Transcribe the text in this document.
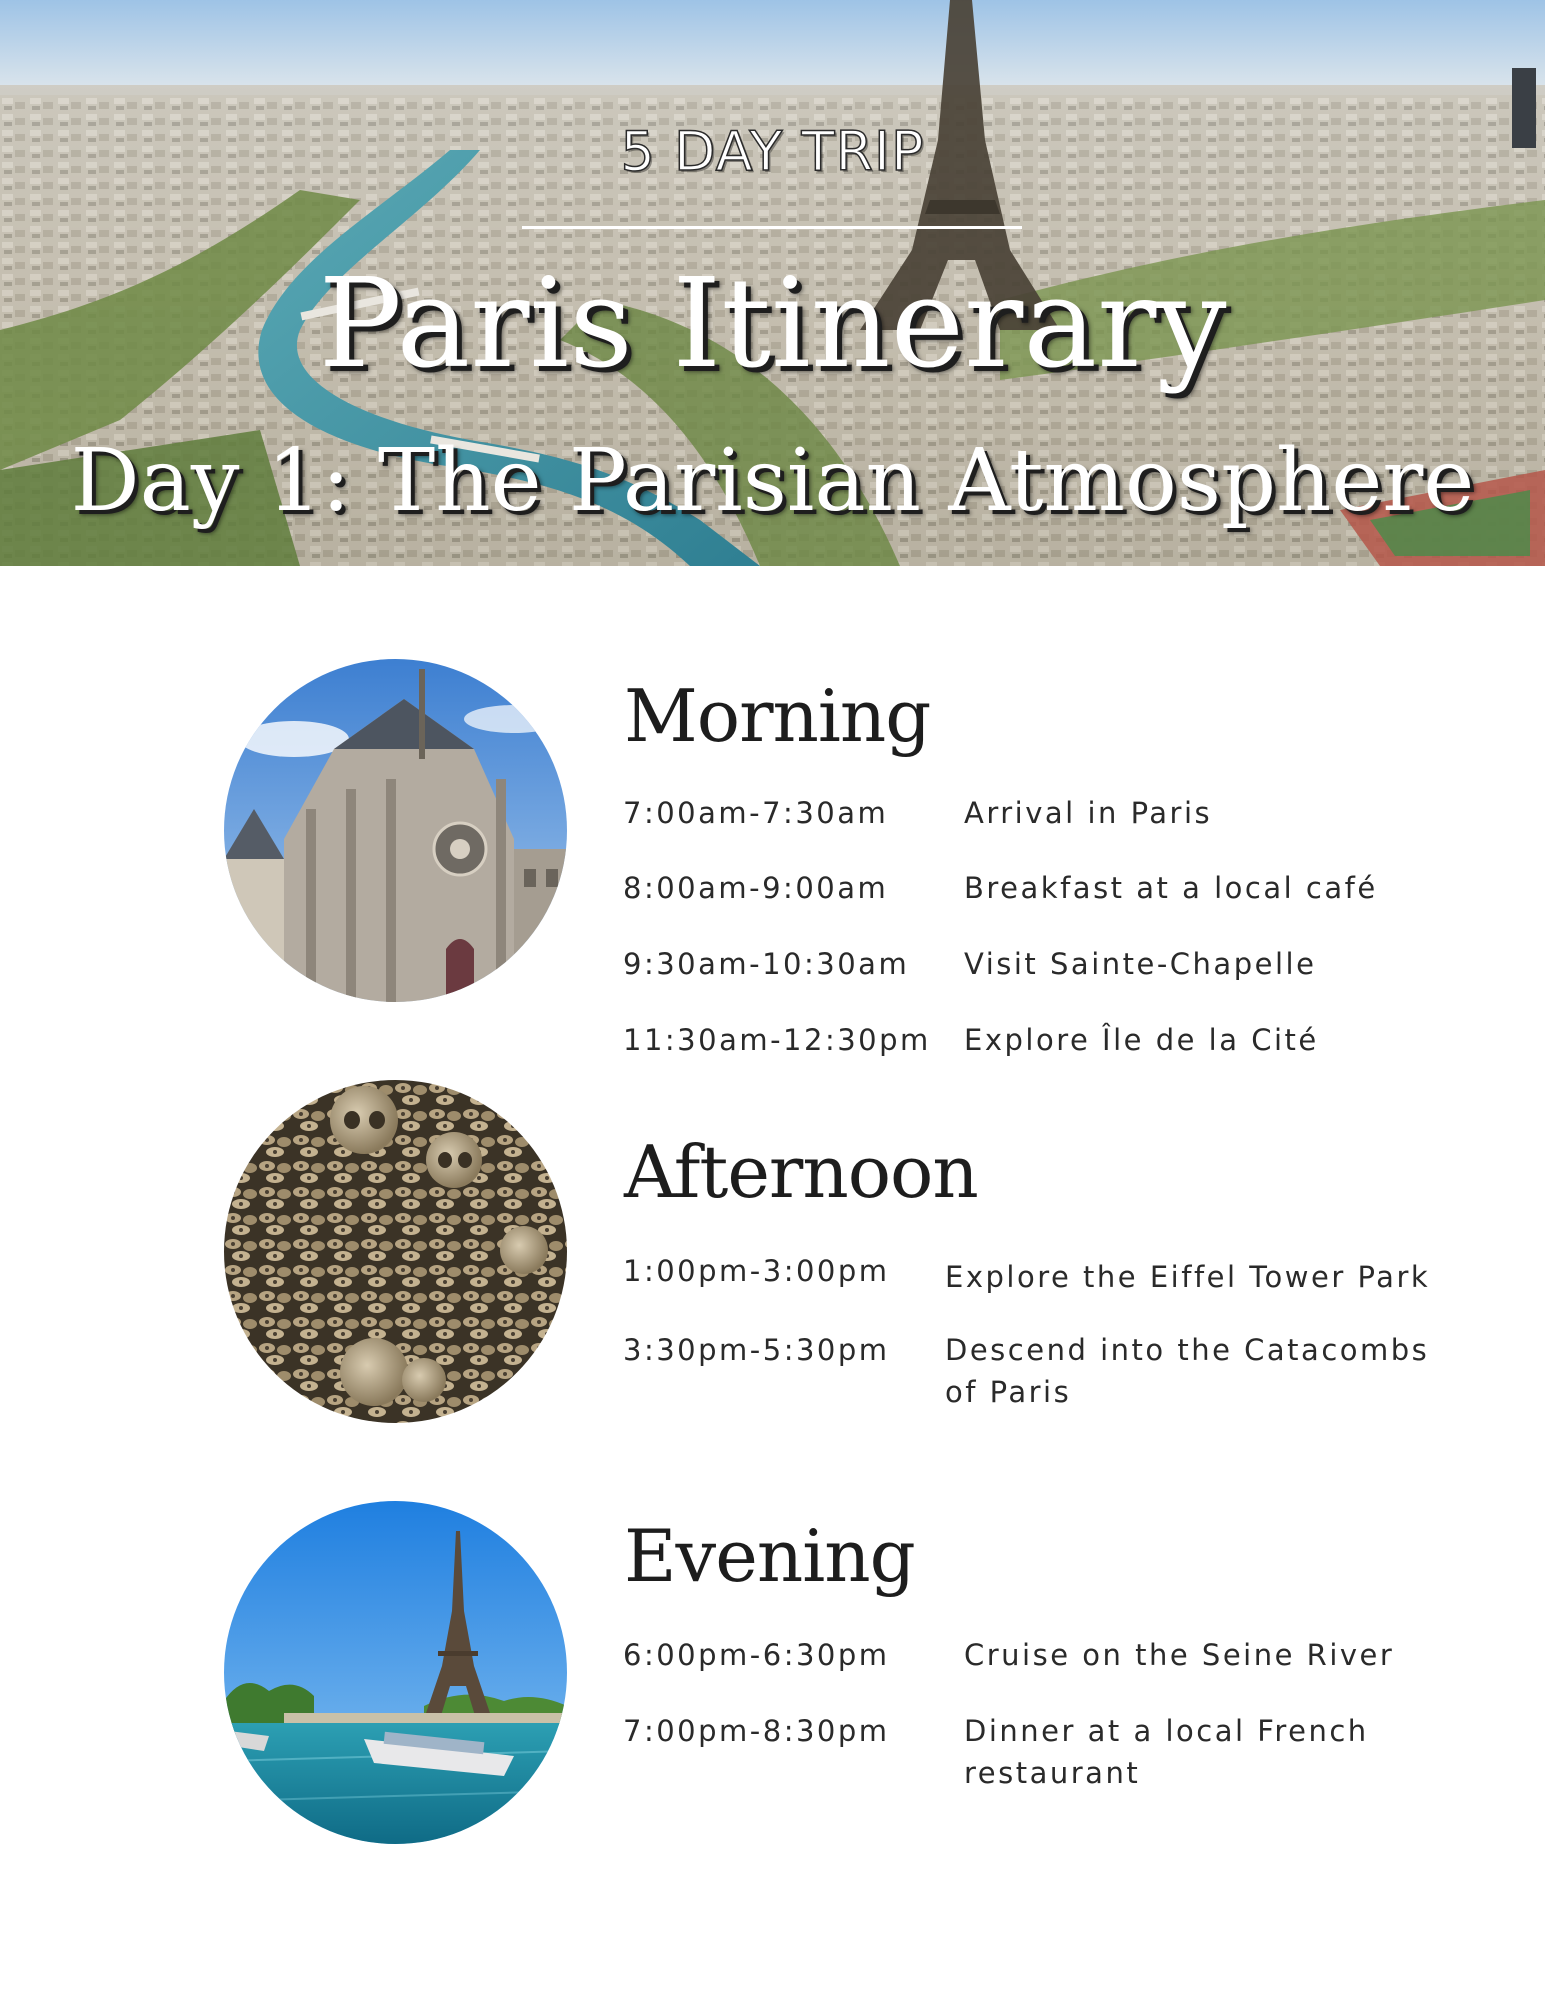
5 DAY TRIP
Paris Itinerary
Day 1: The Parisian Atmosphere
Morning
7:00am-7:30am	Arrival in Paris
8:00am-9:00am	Breakfast at a local café
9:30am-10:30am Visit Sainte-Chapelle
11:30am-12:30pm Explore Île de la Cité
Afternoon
1:00pm-3:00pm Explore the Eiffel Tower Park
3:30pm-5:30pm Descend into the Catacombs of Paris
Evening
6:00pm-6:30pm	Cruise on the Seine River
7:00pm-8:30pm	Dinner at a local French restaurant
